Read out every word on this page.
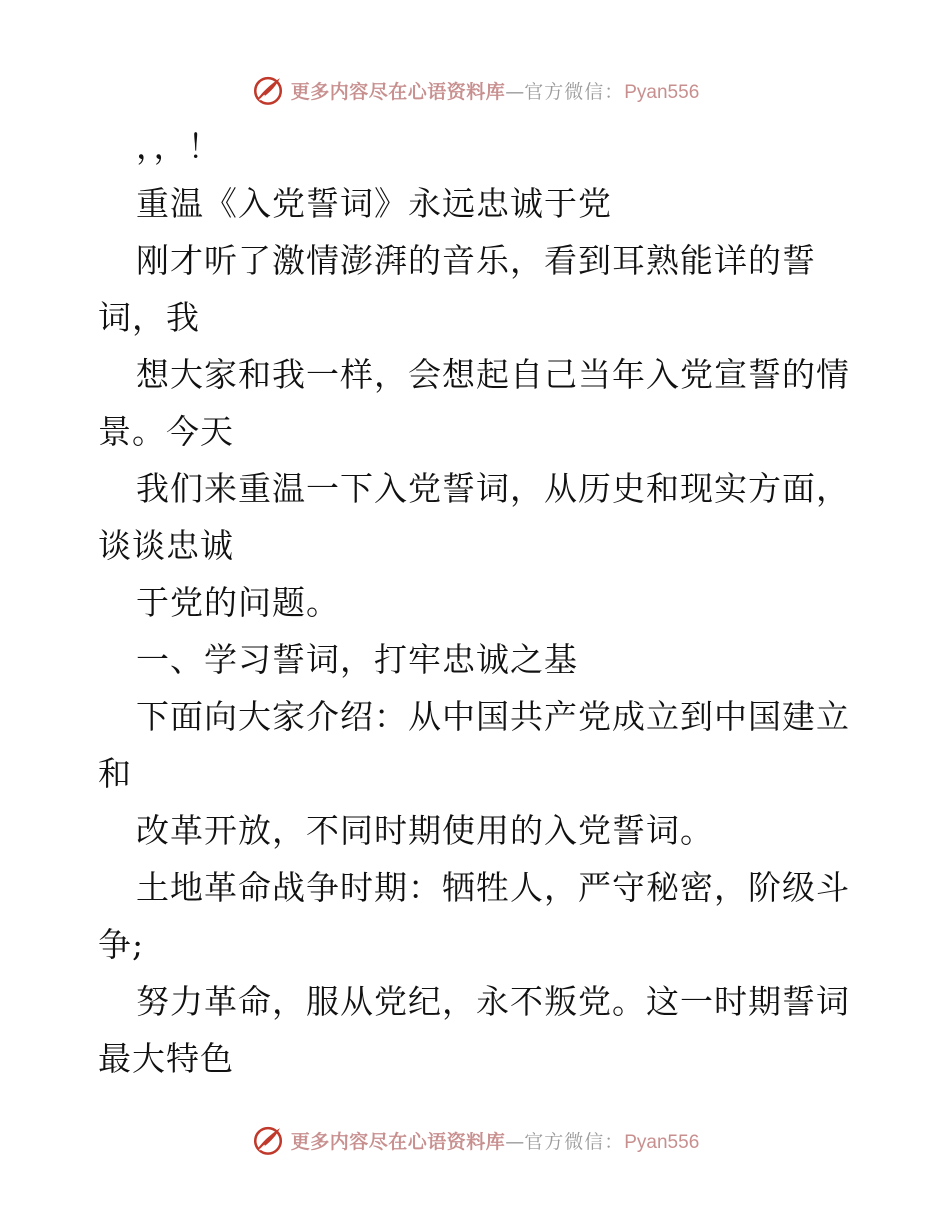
更多内容尽在心语资料库 — 官方微信： Pyan556
，，！
重温《入党誓词》永远忠诚于党
刚才听了激情澎湃的音乐，看到耳熟能详的誓
词，我
想大家和我一样，会想起自己当年入党宣誓的情
景。今天
我们来重温一下入党誓词，从历史和现实方面，
谈谈忠诚
于党的问题。
一、学习誓词，打牢忠诚之基
下面向大家介绍：从中国共产党成立到中国建立
和
改革开放，不同时期使用的入党誓词。
土地革命战争时期：牺牲人，严守秘密，阶级斗
争;
努力革命，服从党纪，永不叛党。这一时期誓词
最大特色
更多内容尽在心语资料库 — 官方微信： Pyan556
